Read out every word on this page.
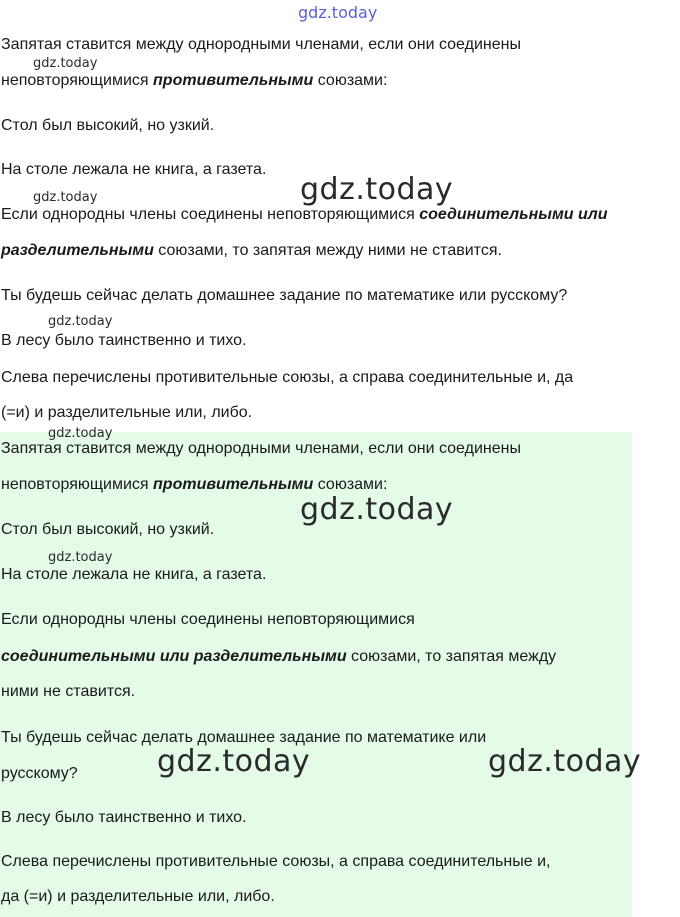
Запятая ставится между однородными членами, если они соединены
неповторяющимися противительными союзами:
Стол был высокий, но узкий.
На столе лежала не книга, а газета.
Если однородны члены соединены неповторяющимися соединительными или
разделительными союзами, то запятая между ними не ставится.
Ты будешь сейчас делать домашнее задание по математике или русскому?
В лесу было таинственно и тихо.
Слева перечислены противительные союзы, а справа соединительные и, да
(=и) и разделительные или, либо.
Запятая ставится между однородными членами, если они соединены
неповторяющимися противительными союзами:
Стол был высокий, но узкий.
На столе лежала не книга, а газета.
Если однородны члены соединены неповторяющимися
соединительными или разделительными союзами, то запятая между
ними не ставится.
Ты будешь сейчас делать домашнее задание по математике или
русскому?
В лесу было таинственно и тихо.
Слева перечислены противительные союзы, а справа соединительные и,
да (=и) и разделительные или, либо.
gdz.today
gdz.today
gdz.today	gdz.today
gdz.today
gdz.today
gdz.today
gdz.today
gdz.today	gdz.today
